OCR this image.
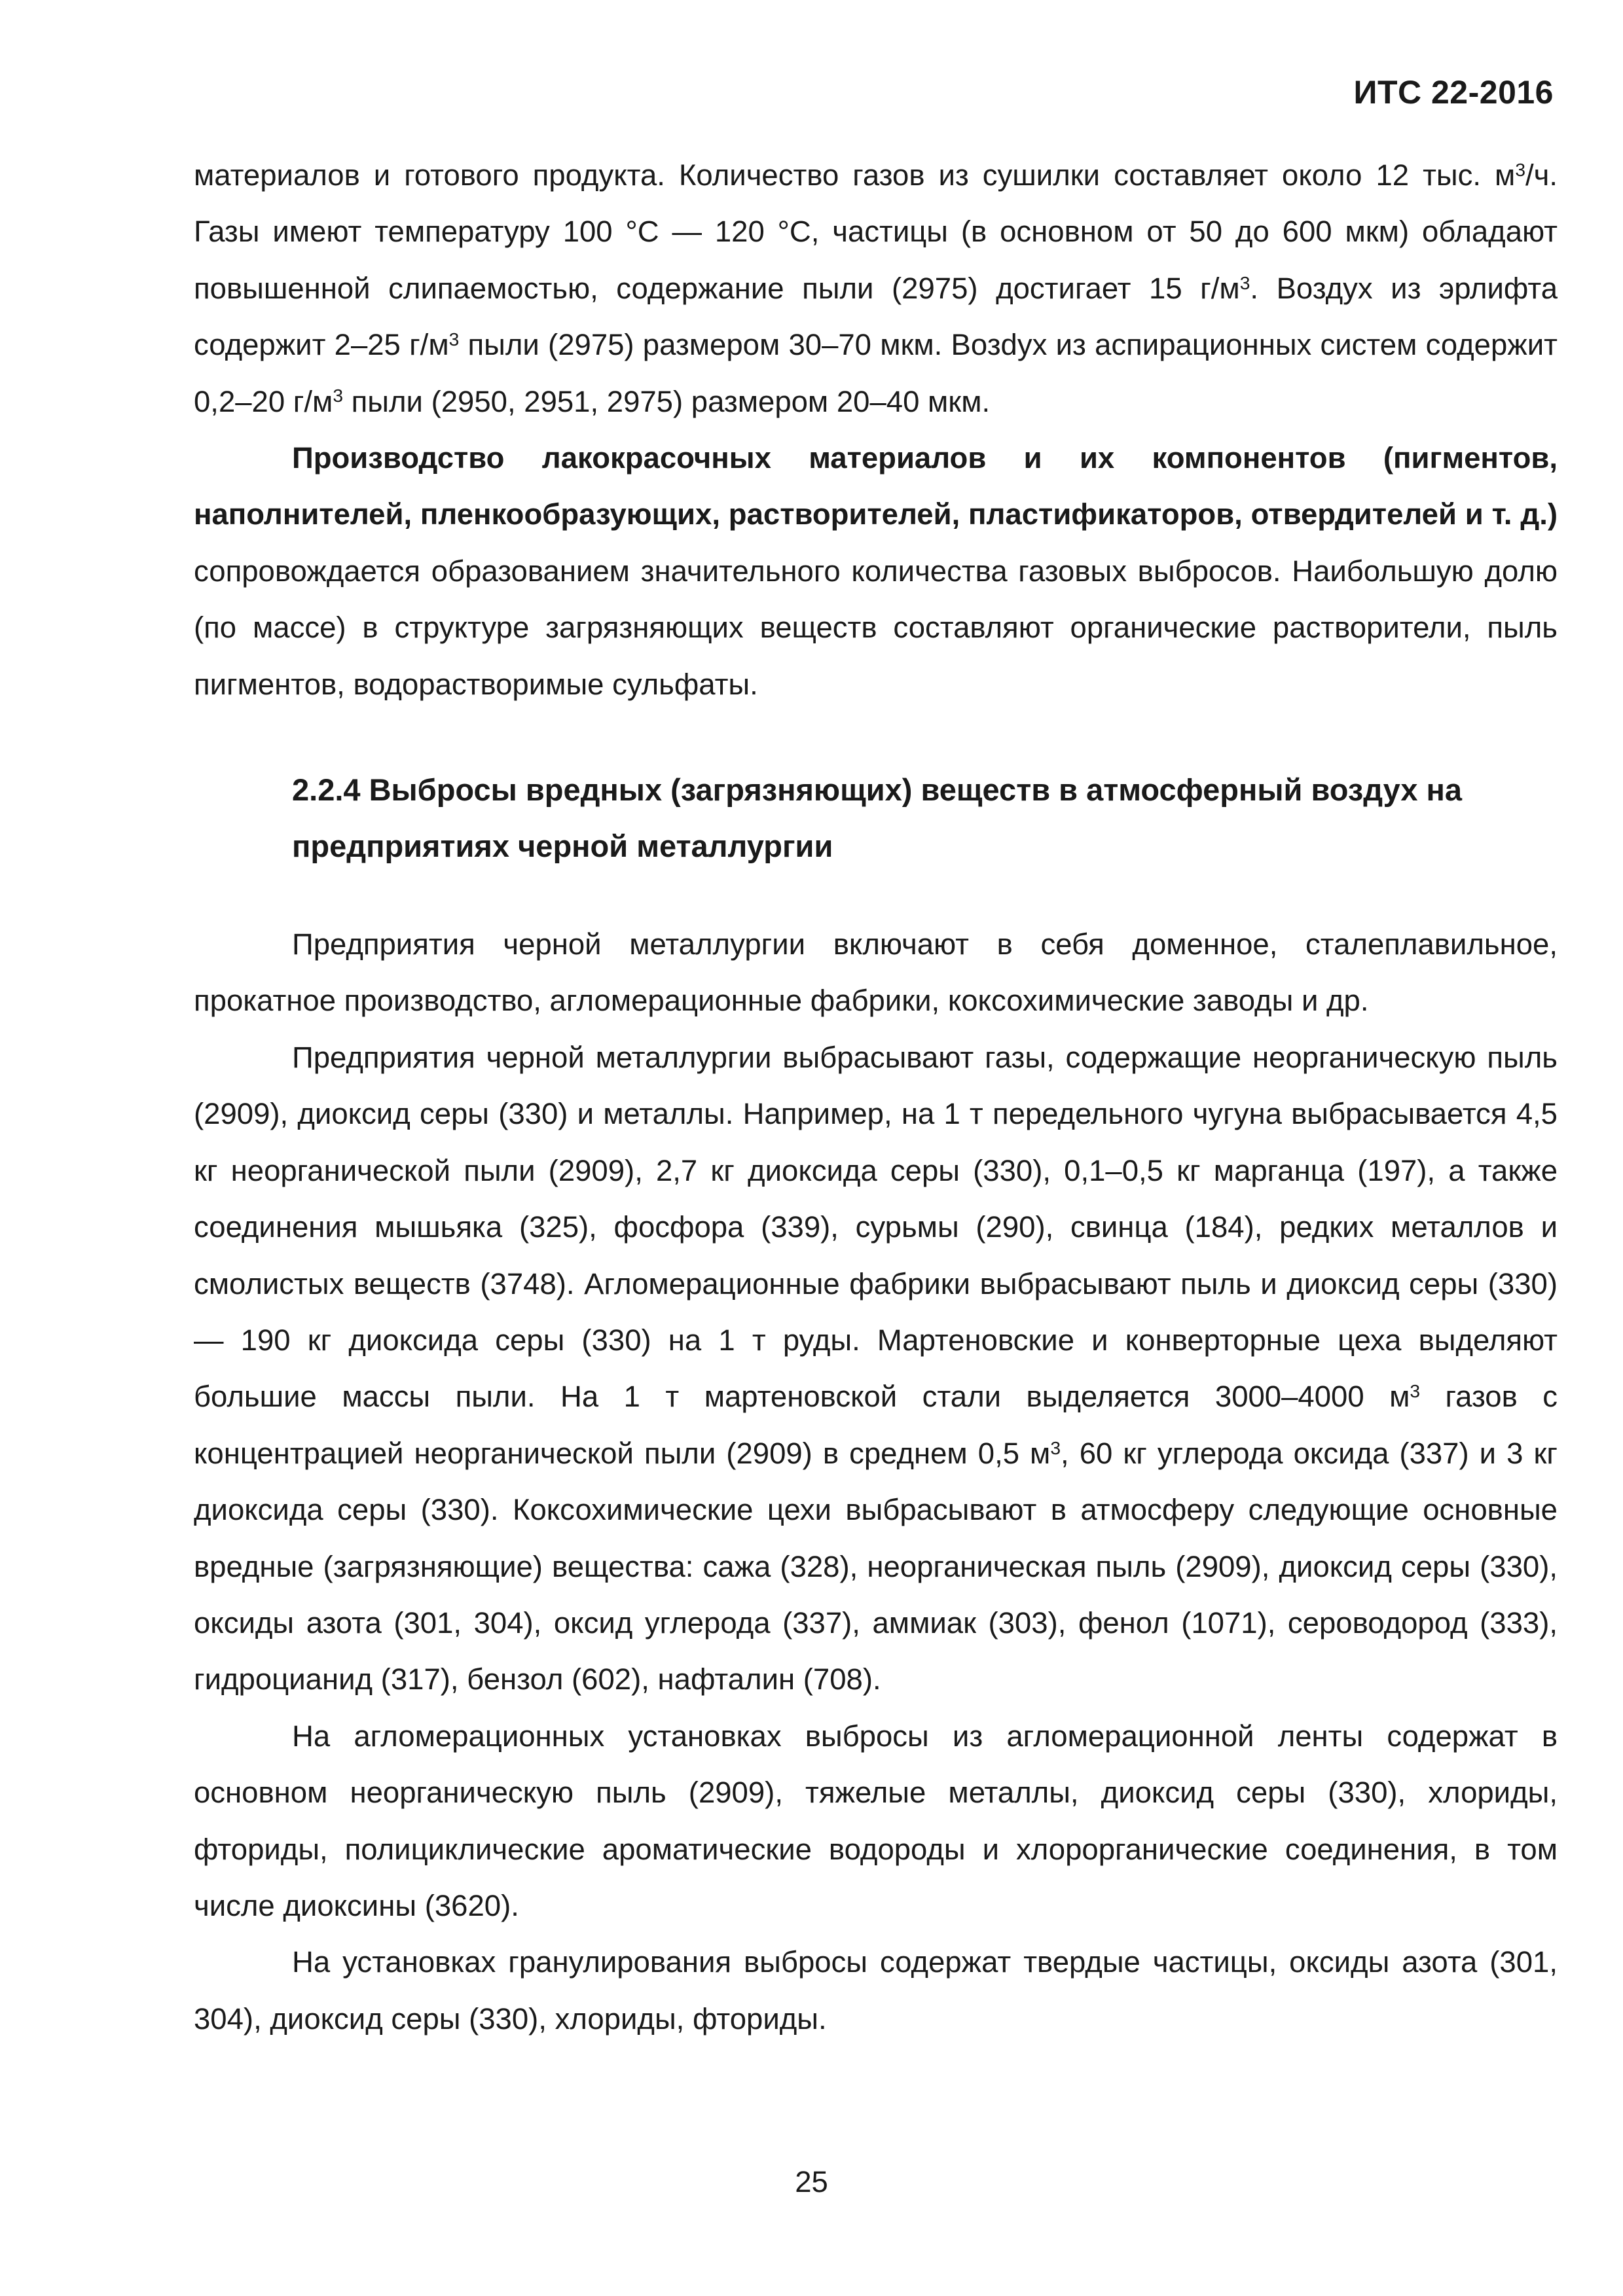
ИТС 22-2016

материалов и готового продукта. Количество газов из сушилки составляет около 12 тыс. $м^3/ч$. Газы имеют температуру 100 °С — 120 °С, частицы (в основном от 50 до 600 мкм) обладают повышенной слипаемостью, содержание пыли (2975) достигает 15 $г/м^3$. Воздух из эрлифта содержит 2–25 $г/м^3$ пыли (2975) размером 30–70 мкм. Возdух из аспирационных систем содержит 0,2–20 $г/м^3$ пыли (2950, 2951, 2975) размером 20–40 мкм.

Производство лакокрасочных материалов и их компонентов (пигментов, наполнителей, пленкообразующих, растворителей, пластификаторов, отвердителей и т. д.) сопровождается образованием значительного количества газовых выбросов. Наибольшую долю (по массе) в структуре загрязняющих веществ составляют органические растворители, пыль пигментов, водорастворимые сульфаты.

2.2.4 Выбросы вредных (загрязняющих) веществ в атмосферный воздух на предприятиях черной металлургии

Предприятия черной металлургии включают в себя доменное, сталеплавильное, прокатное производство, агломерационные фабрики, коксохимические заводы и др.

Предприятия черной металлургии выбрасывают газы, содержащие неорганическую пыль (2909), диоксид серы (330) и металлы. Например, на 1 т передельного чугуна выбрасывается 4,5 кг неорганической пыли (2909), 2,7 кг диоксида серы (330), 0,1–0,5 кг марганца (197), а также соединения мышьяка (325), фосфора (339), сурьмы (290), свинца (184), редких металлов и смолистых веществ (3748). Агломерационные фабрики выбрасывают пыль и диоксид серы (330) — 190 кг диоксида серы (330) на 1 т руды. Мартеновские и конверторные цеха выделяют большие массы пыли. На 1 т мартеновской стали выделяется 3000–4000 $м^3$ газов с концентрацией неорганической пыли (2909) в среднем 0,5 $м^3$, 60 кг углерода оксида (337) и 3 кг диоксида серы (330). Коксохимические цехи выбрасывают в атмосферу следующие основные вредные (загрязняющие) вещества: сажа (328), неорганическая пыль (2909), диоксид серы (330), оксиды азота (301, 304), оксид углерода (337), аммиак (303), фенол (1071), сероводород (333), гидроцианид (317), бензол (602), нафталин (708).

На агломерационных установках выбросы из агломерационной ленты содержат в основном неорганическую пыль (2909), тяжелые металлы, диоксид серы (330), хлориды, фториды, полициклические ароматические водороды и хлорорганические соединения, в том числе диоксины (3620).

На установках гранулирования выбросы содержат твердые частицы, оксиды азота (301, 304), диоксид серы (330), хлориды, фториды.

25
